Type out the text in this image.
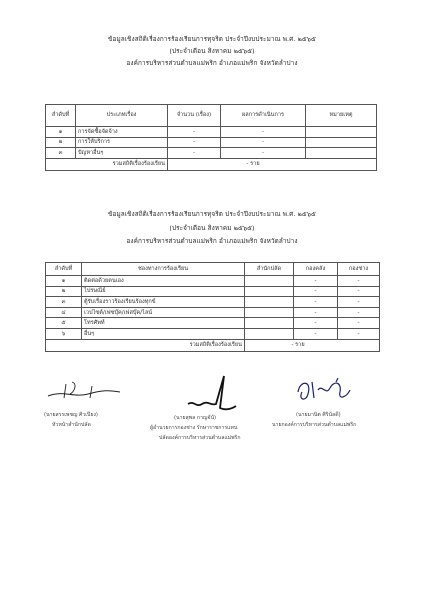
ข้อมูลเชิงสถิติเรื่องการร้องเรียนการทุจริต ประจำปีงบประมาณ พ.ศ. ๒๕๖๕
(ประจำเดือน สิงหาคม ๒๕๖๕)
องค์การบริหารส่วนตำบลแม่พริก อำเภอแม่พริก จังหวัดลำปาง
ลำดับที่	ประเภทเรื่อง	จำนวน (เรื่อง)	ผลการดำเนินการ	หมายเหตุ
๑	การจัดซื้อจัดจ้าง	-	-	
๒	การให้บริการ	-	-	
๓	ปัญหาอื่นๆ	-	-	
รวมสถิติเรื่องร้องเรียน		- ราย		
ข้อมูลเชิงสถิติเรื่องการร้องเรียนการทุจริต ประจำปีงบประมาณ พ.ศ. ๒๕๖๕
(ประจำเดือน สิงหาคม ๒๕๖๕)
องค์การบริหารส่วนตำบลแม่พริก อำเภอแม่พริก จังหวัดลำปาง
ลำดับที่	ช่องทางการร้องเรียน	สำนักปลัด	กองคลัง	กองช่าง
๑	ติดต่อด้วยตนเอง		-	-
๒	ไปรษณีย์		-	-
๓	ตู้รับเรื่องราวร้องเรียนร้องทุกข์		-	-
๔	เวปไซต์/เฟซบุ๊ค/เฟสบุ๊ค/ไลน์		-	-
๕	โทรศัพท์		-	-
๖	อื่นๆ		-	-
รวมสถิติเรื่องร้องเรียน		- ราย		
(นายสรรเพชญ ศิวเปียง)
หัวหน้าสำนักปลัด
(นายสุพล กาญจันั)
ผู้อำนวยการกองช่าง รักษาราชการแทน
ปลัดองค์การบริหารส่วนตำบลแม่พริก
(นายมานิต ศิรินัลดี)
นายกองค์การบริหารส่วนตำบลแม่พริก
